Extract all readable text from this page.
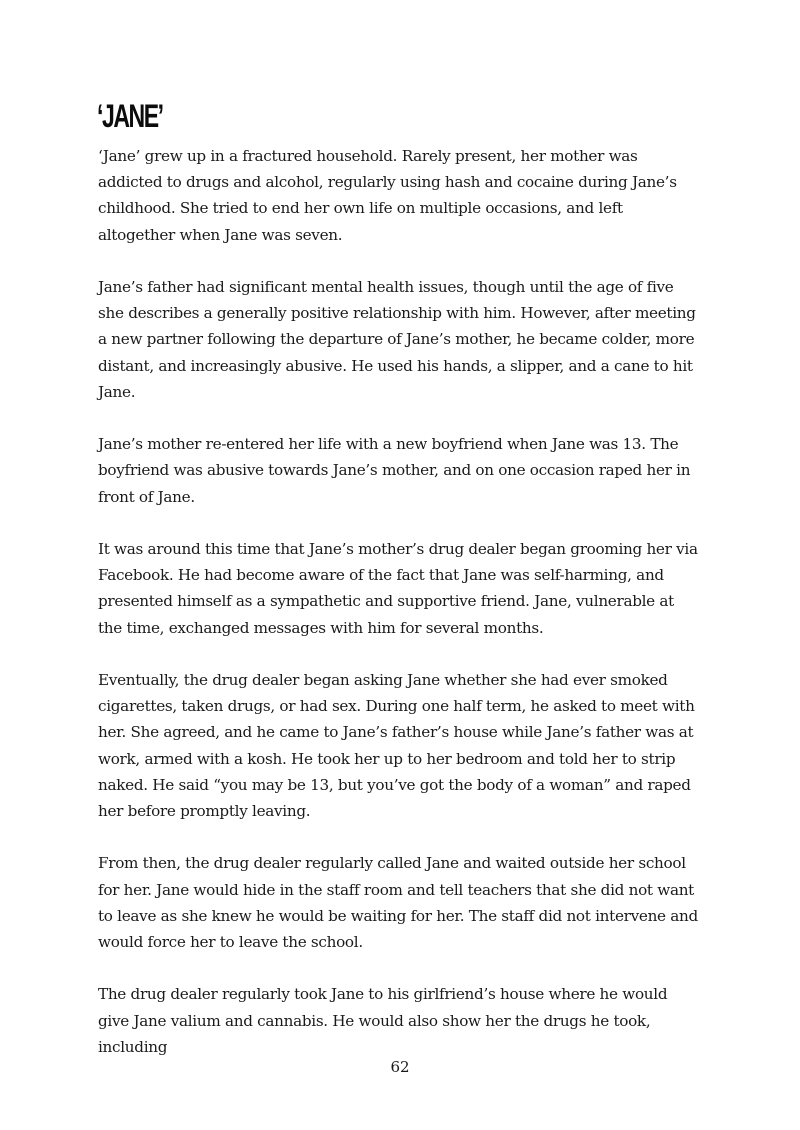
‘JANE’

‘Jane’ grew up in a fractured household. Rarely present, her mother was addicted to drugs and alcohol, regularly using hash and cocaine during Jane’s childhood. She tried to end her own life on multiple occasions, and left altogether when Jane was seven.

Jane’s father had significant mental health issues, though until the age of five she describes a generally positive relationship with him. However, after meeting a new partner following the departure of Jane’s mother, he became colder, more distant, and increasingly abusive. He used his hands, a slipper, and a cane to hit Jane.

Jane’s mother re-entered her life with a new boyfriend when Jane was 13. The boyfriend was abusive towards Jane’s mother, and on one occasion raped her in front of Jane.

It was around this time that Jane’s mother’s drug dealer began grooming her via Facebook. He had become aware of the fact that Jane was self-harming, and presented himself as a sympathetic and supportive friend. Jane, vulnerable at the time, exchanged messages with him for several months.

Eventually, the drug dealer began asking Jane whether she had ever smoked cigarettes, taken drugs, or had sex. During one half term, he asked to meet with her. She agreed, and he came to Jane’s father’s house while Jane’s father was at work, armed with a kosh. He took her up to her bedroom and told her to strip naked. He said “you may be 13, but you’ve got the body of a woman” and raped her before promptly leaving.

From then, the drug dealer regularly called Jane and waited outside her school for her. Jane would hide in the staff room and tell teachers that she did not want to leave as she knew he would be waiting for her. The staff did not intervene and would force her to leave the school.

The drug dealer regularly took Jane to his girlfriend’s house where he would give Jane valium and cannabis. He would also show her the drugs he took, including

62
